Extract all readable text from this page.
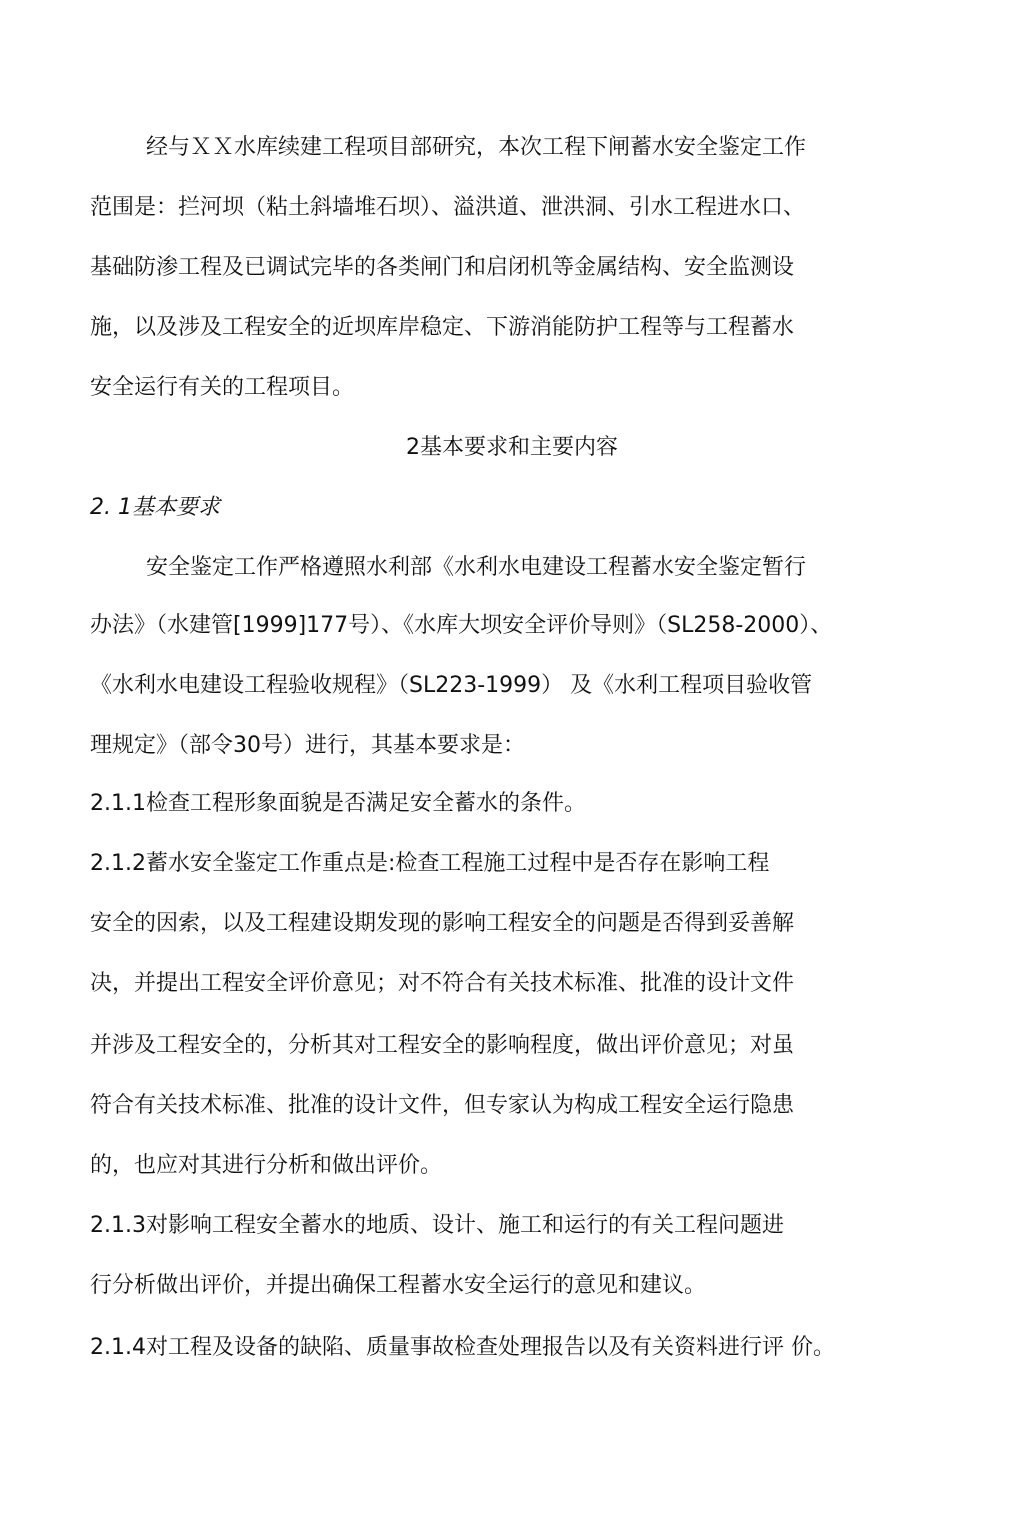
经与ＸＸ水库续建工程项目部研究，本次工程下闸蓄水安全鉴定工作
范围是：拦河坝（粘土斜墙堆石坝）、溢洪道、泄洪洞、引水工程进水口、
基础防渗工程及已调试完毕的各类闸门和启闭机等金属结构、安全监测设
施，以及涉及工程安全的近坝库岸稳定、下游消能防护工程等与工程蓄水
安全运行有关的工程项目。
2基本要求和主要内容
2. 1基本要求
安全鉴定工作严格遵照水利部《水利水电建设工程蓄水安全鉴定暂行
办法》（水建管[1999]177号）、《水库大坝安全评价导则》（SL258-2000）、
《水利水电建设工程验收规程》（SL223-1999） 及《水利工程项目验收管
理规定》（部令30号）进行，其基本要求是：
2.1.1检查工程形象面貌是否满足安全蓄水的条件。
2.1.2蓄水安全鉴定工作重点是:检查工程施工过程中是否存在影响工程
安全的因索，以及工程建设期发现的影响工程安全的问题是否得到妥善解
决，并提出工程安全评价意见；对不符合有关技术标准、批准的设计文件
并涉及工程安全的，分析其对工程安全的影响程度，做出评价意见；对虽
符合有关技术标准、批准的设计文件，但专家认为构成工程安全运行隐患
的，也应对其进行分析和做出评价。
2.1.3对影响工程安全蓄水的地质、设计、施工和运行的有关工程问题进
行分析做出评价，并提出确保工程蓄水安全运行的意见和建议。
2.1.4对工程及设备的缺陷、质量事故检查处理报告以及有关资料进行评 价。
